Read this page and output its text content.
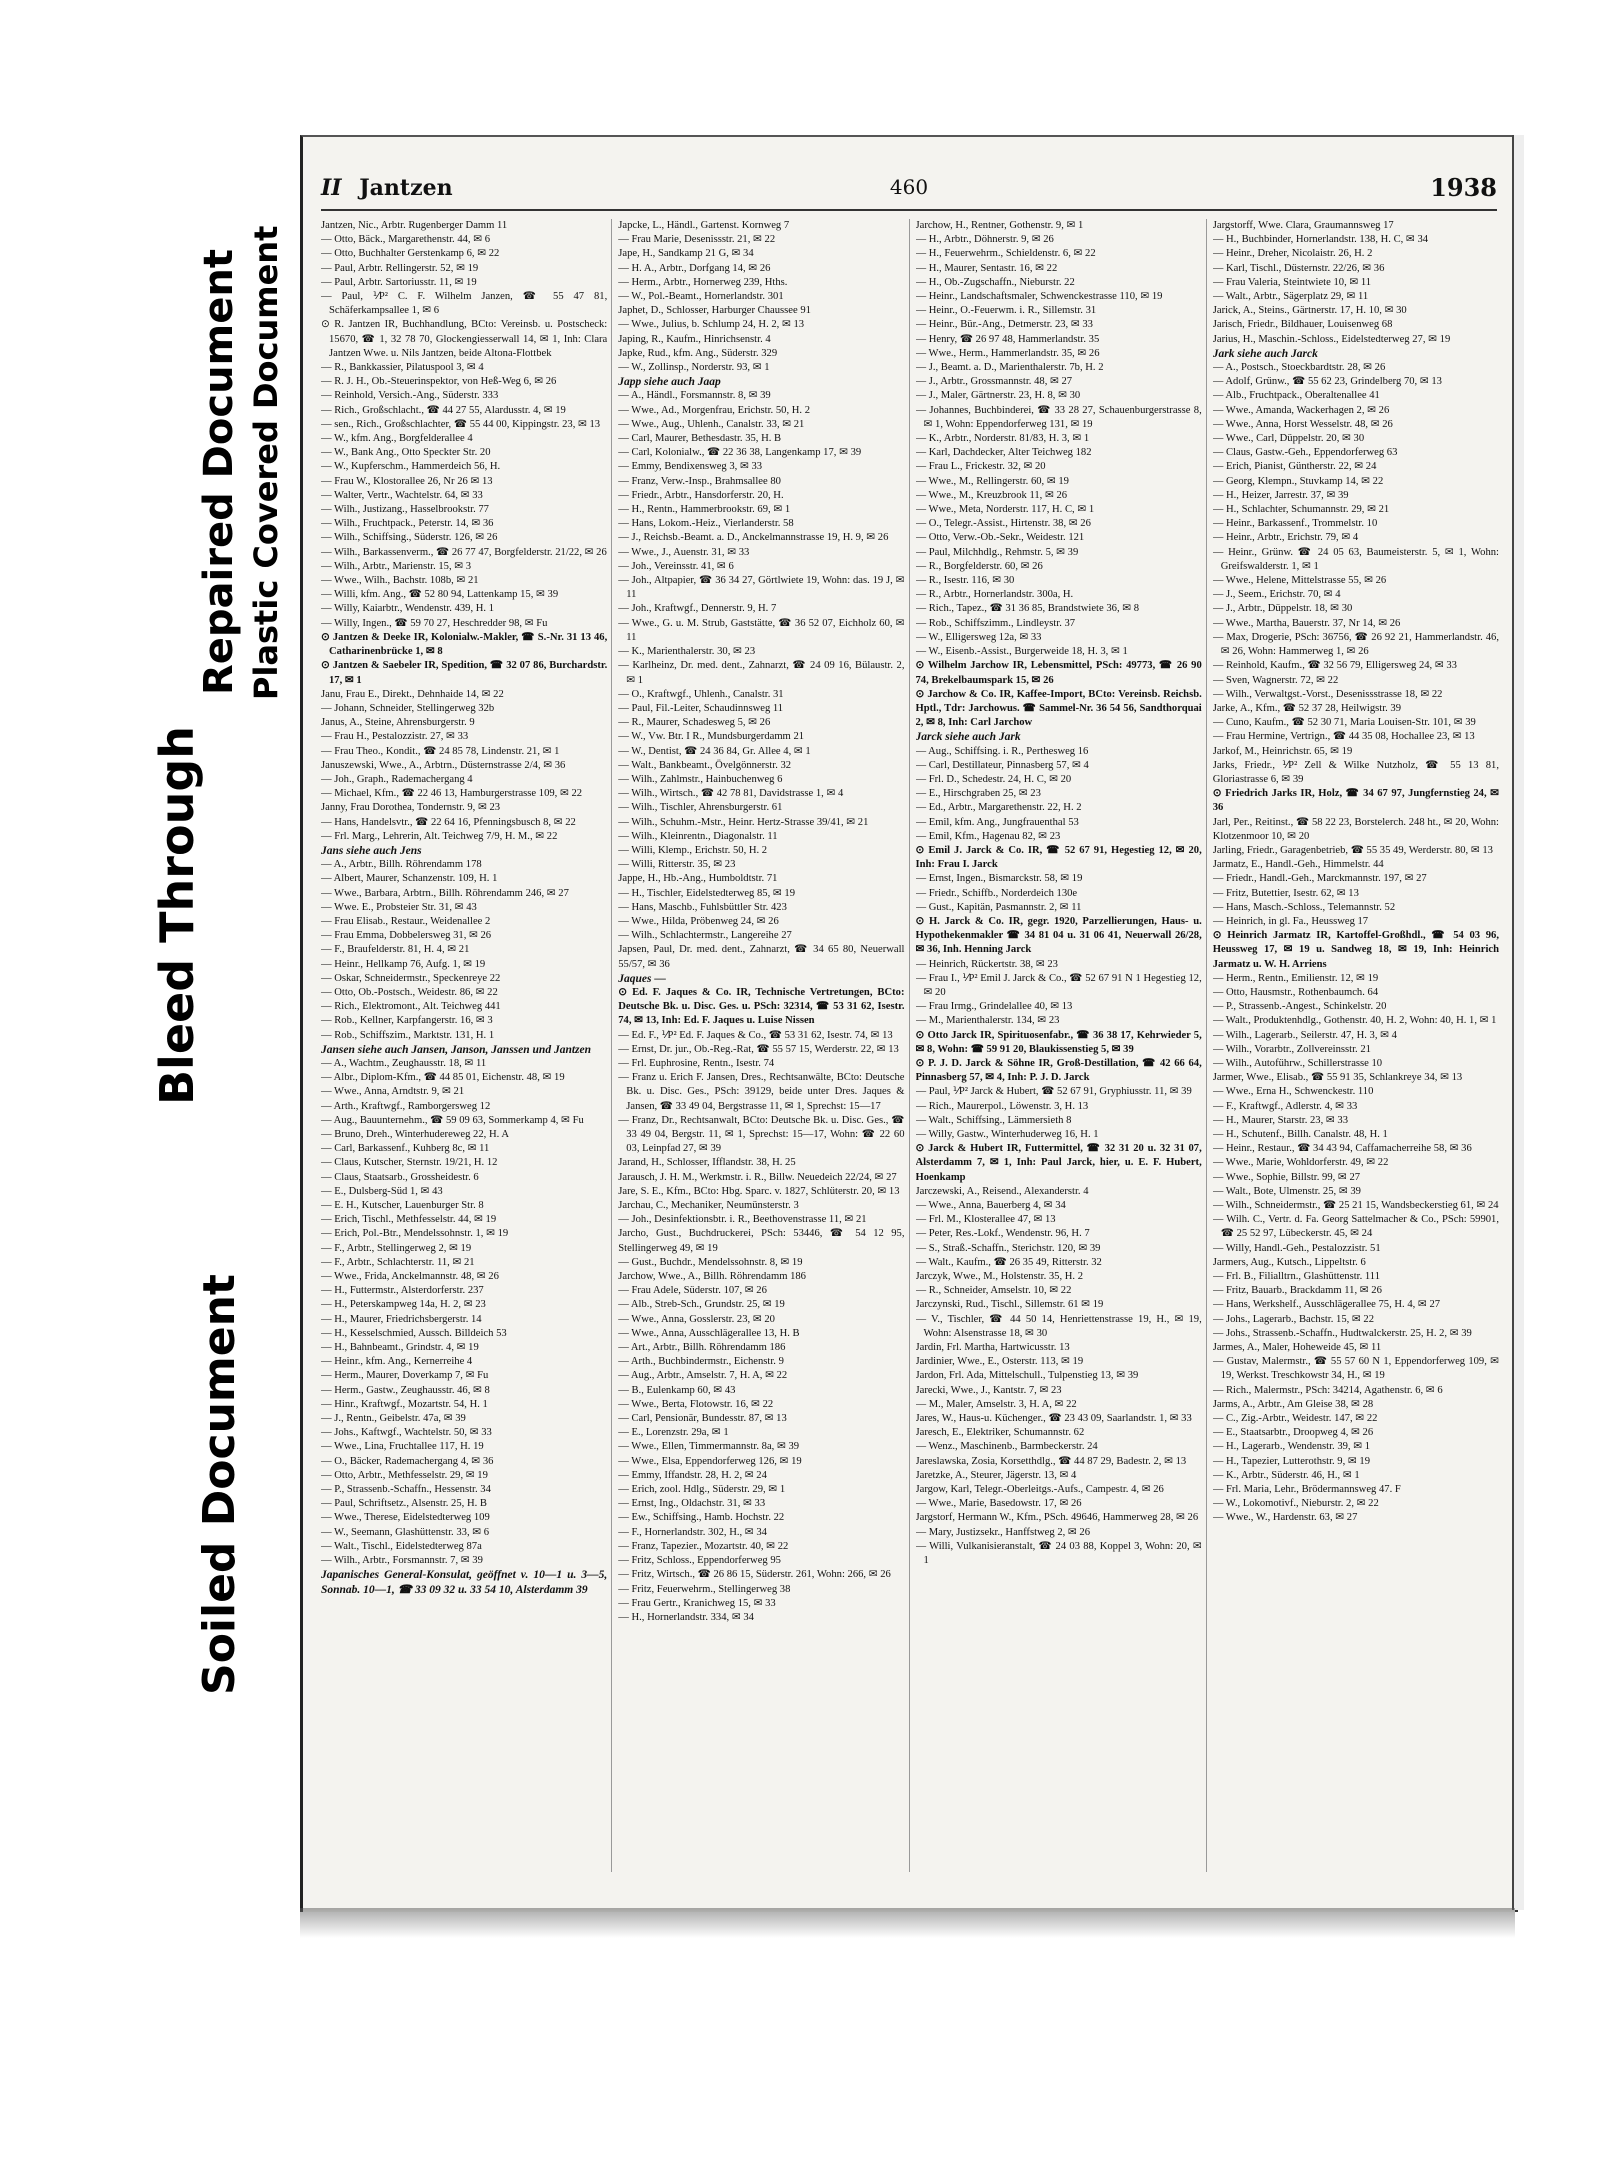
Bleed Through
Repaired Document Plastic Covered Document
Soiled Document
II Jantzen	460	1938

Jantzen, Nic., Arbtr. Rugenberger Damm 11

— Otto, Bäck., Margarethenstr. 44, ✉ 6

— Otto, Buchhalter Gerstenkamp 6, ✉ 22

— Paul, Arbtr. Rellingerstr. 52, ✉ 19

— Paul, Arbtr. Sartoriusstr. 11, ✉ 19

— Paul, ⅟P² C. F. Wilhelm Janzen, ☎ 55 47 81, Schäferkampsallee 1, ✉ 6

⊙ R. Jantzen IR, Buchhandlung, BCto: Vereinsb. u. Postscheck: 15670, ☎ 1, 32 78 70, Glockengiesserwall 14, ✉ 1, Inh: Clara Jantzen Wwe. u. Nils Jantzen, beide Altona-Flottbek

— R., Bankkassier, Pilatuspool 3, ✉ 4

— R. J. H., Ob.-Steuerinspektor, von Heß-Weg 6, ✉ 26

— Reinhold, Versich.-Ang., Süderstr. 333

— Rich., Großschlacht., ☎ 44 27 55, Alardusstr. 4, ✉ 19

— sen., Rich., Großschlachter, ☎ 55 44 00, Kippingstr. 23, ✉ 13

— W., kfm. Ang., Borgfelderallee 4

— W., Bank Ang., Otto Speckter Str. 20

— W., Kupferschm., Hammerdeich 56, H.

— Frau W., Klostorallee 26, Nr 26 ✉ 13

— Walter, Vertr., Wachtelstr. 64, ✉ 33

— Wilh., Justizang., Hasselbrookstr. 77

— Wilh., Fruchtpack., Peterstr. 14, ✉ 36

— Wilh., Schiffsing., Süderstr. 126, ✉ 26

— Wilh., Barkassenverm., ☎ 26 77 47, Borgfelderstr. 21/22, ✉ 26

— Wilh., Arbtr., Marienstr. 15, ✉ 3

— Wwe., Wilh., Bachstr. 108b, ✉ 21

— Willi, kfm. Ang., ☎ 52 80 94, Lattenkamp 15, ✉ 39

— Willy, Kaiarbtr., Wendenstr. 439, H. 1

— Willy, Ingen., ☎ 59 70 27, Heschredder 98, ✉ Fu

⊙ Jantzen & Deeke IR, Kolonialw.-Makler, ☎ S.-Nr. 31 13 46, Catharinenbrücke 1, ✉ 8

⊙ Jantzen & Saebeler IR, Spedition, ☎ 32 07 86, Burchardstr. 17, ✉ 1

Janu, Frau E., Direkt., Dehnhaide 14, ✉ 22

— Johann, Schneider, Stellingerweg 32b

Janus, A., Steine, Ahrensburgerstr. 9

— Frau H., Pestalozzistr. 27, ✉ 33

— Frau Theo., Kondit., ☎ 24 85 78, Lindenstr. 21, ✉ 1

Januszewski, Wwe., A., Arbtrn., Düsternstrasse 2/4, ✉ 36

— Joh., Graph., Rademachergang 4

— Michael, Kfm., ☎ 22 46 13, Hamburgerstrasse 109, ✉ 22

Janny, Frau Dorothea, Tondernstr. 9, ✉ 23

— Hans, Handelsvtr., ☎ 22 64 16, Pfenningsbusch 8, ✉ 22

— Frl. Marg., Lehrerin, Alt. Teichweg 7/9, H. M., ✉ 22

Jans siehe auch Jens

— A., Arbtr., Billh. Röhrendamm 178

— Albert, Maurer, Schanzenstr. 109, H. 1

— Wwe., Barbara, Arbtrn., Billh. Röhrendamm 246, ✉ 27

— Wwe. E., Probsteier Str. 31, ✉ 43

— Frau Elisab., Restaur., Weidenallee 2

— Frau Emma, Dobbelersweg 31, ✉ 26

— F., Braufelderstr. 81, H. 4, ✉ 21

— Heinr., Hellkamp 76, Aufg. 1, ✉ 19

— Oskar, Schneidermstr., Speckenreye 22

— Otto, Ob.-Postsch., Weidestr. 86, ✉ 22

— Rich., Elektromont., Alt. Teichweg 441

— Rob., Kellner, Karpfangerstr. 16, ✉ 3

— Rob., Schiffszim., Marktstr. 131, H. 1

Jansen siehe auch Jansen, Janson, Janssen und Jantzen

— A., Wachtm., Zeughausstr. 18, ✉ 11

— Albr., Diplom-Kfm., ☎ 44 85 01, Eichenstr. 48, ✉ 19

— Wwe., Anna, Arndtstr. 9, ✉ 21

— Arth., Kraftwgf., Ramborgersweg 12

— Aug., Bauunternehm., ☎ 59 09 63, Sommerkamp 4, ✉ Fu

— Bruno, Dreh., Winterhudereweg 22, H. A

— Carl, Barkassenf., Kuhberg 8c, ✉ 11

— Claus, Kutscher, Sternstr. 19/21, H. 12

— Claus, Staatsarb., Grossheidestr. 6

— E., Dulsberg-Süd 1, ✉ 43

— E. H., Kutscher, Lauenburger Str. 8

— Erich, Tischl., Methfesselstr. 44, ✉ 19

— Erich, Pol.-Btr., Mendelssohnstr. 1, ✉ 19

— F., Arbtr., Stellingerweg 2, ✉ 19

— F., Arbtr., Schlachterstr. 11, ✉ 21

— Wwe., Frida, Anckelmannstr. 48, ✉ 26

— H., Futtermstr., Alsterdorferstr. 237

— H., Peterskampweg 14a, H. 2, ✉ 23

— H., Maurer, Friedrichsbergerstr. 14

— H., Kesselschmied, Aussch. Billdeich 53

— H., Bahnbeamt., Grindstr. 4, ✉ 19

— Heinr., kfm. Ang., Kernerreihe 4

— Herm., Maurer, Doverkamp 7, ✉ Fu

— Herm., Gastw., Zeughausstr. 46, ✉ 8

— Hinr., Kraftwgf., Mozartstr. 54, H. 1

— J., Rentn., Geibelstr. 47a, ✉ 39

— Johs., Kaftwgf., Wachtelstr. 50, ✉ 33

— Wwe., Lina, Fruchtallee 117, H. 19

— O., Bäcker, Rademachergang 4, ✉ 36

— Otto, Arbtr., Methfesselstr. 29, ✉ 19

— P., Strassenb.-Schaffn., Hessenstr. 34

— Paul, Schriftsetz., Alsenstr. 25, H. B

— Wwe., Therese, Eidelstedterweg 109

— W., Seemann, Glashüttenstr. 33, ✉ 6

— Walt., Tischl., Eidelstedterweg 87a

— Wilh., Arbtr., Forsmannstr. 7, ✉ 39

Japanisches General-Konsulat, geöffnet v. 10—1 u. 3—5, Sonnab. 10—1, ☎ 33 09 32 u. 33 54 10, Alsterdamm 39

Japcke, L., Händl., Gartenst. Kornweg 7

— Frau Marie, Desenissstr. 21, ✉ 22

Jape, H., Sandkamp 21 G, ✉ 34

— H. A., Arbtr., Dorfgang 14, ✉ 26

— Herm., Arbtr., Hornerweg 239, Hths.

— W., Pol.-Beamt., Hornerlandstr. 301

Japhet, D., Schlosser, Harburger Chaussee 91

— Wwe., Julius, b. Schlump 24, H. 2, ✉ 13

Japing, R., Kaufm., Hinrichsenstr. 4

Japke, Rud., kfm. Ang., Süderstr. 329

— W., Zollinsp., Norderstr. 93, ✉ 1

Japp siehe auch Jaap

— A., Händl., Forsmannstr. 8, ✉ 39

— Wwe., Ad., Morgenfrau, Erichstr. 50, H. 2

— Wwe., Aug., Uhlenh., Canalstr. 33, ✉ 21

— Carl, Maurer, Bethesdastr. 35, H. B

— Carl, Kolonialw., ☎ 22 36 38, Langenkamp 17, ✉ 39

— Emmy, Bendixensweg 3, ✉ 33

— Franz, Verw.-Insp., Brahmsallee 80

— Friedr., Arbtr., Hansdorferstr. 20, H.

— H., Rentn., Hammerbrookstr. 69, ✉ 1

— Hans, Lokom.-Heiz., Vierlanderstr. 58

— J., Reichsb.-Beamt. a. D., Anckelmannstrasse 19, H. 9, ✉ 26

— Wwe., J., Auenstr. 31, ✉ 33

— Joh., Vereinsstr. 41, ✉ 6

— Joh., Altpapier, ☎ 36 34 27, Görtlwiete 19, Wohn: das. 19 J, ✉ 11

— Joh., Kraftwgf., Dennerstr. 9, H. 7

— Wwe., G. u. M. Strub, Gaststätte, ☎ 36 52 07, Eichholz 60, ✉ 11

— K., Marienthalerstr. 30, ✉ 23

— Karlheinz, Dr. med. dent., Zahnarzt, ☎ 24 09 16, Bülaustr. 2, ✉ 1

— O., Kraftwgf., Uhlenh., Canalstr. 31

— Paul, Fil.-Leiter, Schaudinnsweg 11

— R., Maurer, Schadesweg 5, ✉ 26

— W., Vw. Btr. I R., Mundsburgerdamm 21

— W., Dentist, ☎ 24 36 84, Gr. Allee 4, ✉ 1

— Walt., Bankbeamt., Övelgönnerstr. 32

— Wilh., Zahlmstr., Hainbuchenweg 6

— Wilh., Wirtsch., ☎ 42 78 81, Davidstrasse 1, ✉ 4

— Wilh., Tischler, Ahrensburgerstr. 61

— Wilh., Schuhm.-Mstr., Heinr. Hertz-Strasse 39/41, ✉ 21

— Wilh., Kleinrentn., Diagonalstr. 11

— Willi, Klemp., Erichstr. 50, H. 2

— Willi, Ritterstr. 35, ✉ 23

Jappe, H., Hb.-Ang., Humboldtstr. 71

— H., Tischler, Eidelstedterweg 85, ✉ 19

— Hans, Maschb., Fuhlsbüttler Str. 423

— Wwe., Hilda, Pröbenweg 24, ✉ 26

— Wilh., Schlachtermstr., Langereihe 27

Japsen, Paul, Dr. med. dent., Zahnarzt, ☎ 34 65 80, Neuerwall 55/57, ✉ 36

Jaques —

⊙ Ed. F. Jaques & Co. IR, Technische Vertretungen, BCto: Deutsche Bk. u. Disc. Ges. u. PSch: 32314, ☎ 53 31 62, Isestr. 74, ✉ 13, Inh: Ed. F. Jaques u. Luise Nissen

— Ed. F., ⅟P² Ed. F. Jaques & Co., ☎ 53 31 62, Isestr. 74, ✉ 13

— Ernst, Dr. jur., Ob.-Reg.-Rat, ☎ 55 57 15, Werderstr. 22, ✉ 13

— Frl. Euphrosine, Rentn., Isestr. 74

— Franz u. Erich F. Jansen, Dres., Rechtsanwälte, BCto: Deutsche Bk. u. Disc. Ges., PSch: 39129, beide unter Dres. Jaques & Jansen, ☎ 33 49 04, Bergstrasse 11, ✉ 1, Sprechst: 15—17

— Franz, Dr., Rechtsanwalt, BCto: Deutsche Bk. u. Disc. Ges., ☎ 33 49 04, Bergstr. 11, ✉ 1, Sprechst: 15—17, Wohn: ☎ 22 60 03, Leinpfad 27, ✉ 39

Jarand, H., Schlosser, Ifflandstr. 38, H. 25

Jarausch, J. H. M., Werkmstr. i. R., Billw. Neuedeich 22/24, ✉ 27

Jare, S. E., Kfm., BCto: Hbg. Sparc. v. 1827, Schlüterstr. 20, ✉ 13

Jarchau, C., Mechaniker, Neumünsterstr. 3

— Joh., Desinfektionsbtr. i. R., Beethovenstrasse 11, ✉ 21

Jarcho, Gust., Buchdruckerei, PSch: 53446, ☎ 54 12 95, Stellingerweg 49, ✉ 19

— Gust., Buchdr., Mendelssohnstr. 8, ✉ 19

Jarchow, Wwe., A., Billh. Röhrendamm 186

— Frau Adele, Süderstr. 107, ✉ 26

— Alb., Streb-Sch., Grundstr. 25, ✉ 19

— Wwe., Anna, Gosslerstr. 23, ✉ 20

— Wwe., Anna, Ausschlägerallee 13, H. B

— Art., Arbtr., Billh. Röhrendamm 186

— Arth., Buchbindermstr., Eichenstr. 9

— Aug., Arbtr., Amselstr. 7, H. A, ✉ 22

— B., Eulenkamp 60, ✉ 43

— Wwe., Berta, Flotowstr. 16, ✉ 22

— Carl, Pensionär, Bundesstr. 87, ✉ 13

— E., Lorenzstr. 29a, ✉ 1

— Wwe., Ellen, Timmermannstr. 8a, ✉ 39

— Wwe., Elsa, Eppendorferweg 126, ✉ 19

— Emmy, Iffandstr. 28, H. 2, ✉ 24

— Erich, zool. Hdlg., Süderstr. 29, ✉ 1

— Ernst, Ing., Oldachstr. 31, ✉ 33

— Ew., Schiffsing., Hamb. Hochstr. 22

— F., Hornerlandstr. 302, H., ✉ 34

— Franz, Tapezier., Mozartstr. 40, ✉ 22

— Fritz, Schloss., Eppendorferweg 95

— Fritz, Wirtsch., ☎ 26 86 15, Süderstr. 261, Wohn: 266, ✉ 26

— Fritz, Feuerwehrm., Stellingerweg 38

— Frau Gertr., Kranichweg 15, ✉ 33

— H., Hornerlandstr. 334, ✉ 34

Jarchow, H., Rentner, Gothenstr. 9, ✉ 1

— H., Arbtr., Döhnerstr. 9, ✉ 26

— H., Feuerwehrm., Schieldenstr. 6, ✉ 22

— H., Maurer, Sentastr. 16, ✉ 22

— H., Ob.-Zugschaffn., Nieburstr. 22

— Heinr., Landschaftsmaler, Schwenckestrasse 110, ✉ 19

— Heinr., O.-Feuerwm. i. R., Sillemstr. 31

— Heinr., Bür.-Ang., Detmerstr. 23, ✉ 33

— Henry, ☎ 26 97 48, Hammerlandstr. 35

— Wwe., Herm., Hammerlandstr. 35, ✉ 26

— J., Beamt. a. D., Marienthalerstr. 7b, H. 2

— J., Arbtr., Grossmannstr. 48, ✉ 27

— J., Maler, Gärtnerstr. 23, H. 8, ✉ 30

— Johannes, Buchbinderei, ☎ 33 28 27, Schauenburgerstrasse 8, ✉ 1, Wohn: Eppendorferweg 131, ✉ 19

— K., Arbtr., Norderstr. 81/83, H. 3, ✉ 1

— Karl, Dachdecker, Alter Teichweg 182

— Frau L., Frickestr. 32, ✉ 20

— Wwe., M., Rellingerstr. 60, ✉ 19

— Wwe., M., Kreuzbrook 11, ✉ 26

— Wwe., Meta, Norderstr. 117, H. C, ✉ 1

— O., Telegr.-Assist., Hirtenstr. 38, ✉ 26

— Otto, Verw.-Ob.-Sekr., Weidestr. 121

— Paul, Milchhdlg., Rehmstr. 5, ✉ 39

— R., Borgfelderstr. 60, ✉ 26

— R., Isestr. 116, ✉ 30

— R., Arbtr., Hornerlandstr. 300a, H.

— Rich., Tapez., ☎ 31 36 85, Brandstwiete 36, ✉ 8

— Rob., Schiffszimm., Lindleystr. 37

— W., Elligersweg 12a, ✉ 33

— W., Eisenb.-Assist., Burgerweide 18, H. 3, ✉ 1

⊙ Wilhelm Jarchow IR, Lebensmittel, PSch: 49773, ☎ 26 90 74, Brekelbaumspark 15, ✉ 26

⊙ Jarchow & Co. IR, Kaffee-Import, BCto: Vereinsb. Reichsb. Hptl., Tdr: Jarchowus. ☎ Sammel-Nr. 36 54 56, Sandthorquai 2, ✉ 8, Inh: Carl Jarchow

Jarck siehe auch Jark

— Aug., Schiffsing. i. R., Perthesweg 16

— Carl, Destillateur, Pinnasberg 57, ✉ 4

— Frl. D., Schedestr. 24, H. C, ✉ 20

— E., Hirschgraben 25, ✉ 23

— Ed., Arbtr., Margarethenstr. 22, H. 2

— Emil, kfm. Ang., Jungfrauenthal 53

— Emil, Kfm., Hagenau 82, ✉ 23

⊙ Emil J. Jarck & Co. IR, ☎ 52 67 91, Hegestieg 12, ✉ 20, Inh: Frau I. Jarck

— Ernst, Ingen., Bismarckstr. 58, ✉ 19

— Friedr., Schiffb., Norderdeich 130e

— Gust., Kapitän, Pasmannstr. 2, ✉ 11

⊙ H. Jarck & Co. IR, gegr. 1920, Parzellierungen, Haus- u. Hypothekenmakler ☎ 34 81 04 u. 31 06 41, Neuerwall 26/28, ✉ 36, Inh. Henning Jarck

— Heinrich, Rückertstr. 38, ✉ 23

— Frau I., ⅟P² Emil J. Jarck & Co., ☎ 52 67 91 N 1 Hegestieg 12, ✉ 20

— Frau Irmg., Grindelallee 40, ✉ 13

— M., Marienthalerstr. 134, ✉ 23

⊙ Otto Jarck IR, Spirituosenfabr., ☎ 36 38 17, Kehrwieder 5, ✉ 8, Wohn: ☎ 59 91 20, Blaukissenstieg 5, ✉ 39

⊙ P. J. D. Jarck & Söhne IR, Groß-Destillation, ☎ 42 66 64, Pinnasberg 57, ✉ 4, Inh: P. J. D. Jarck

— Paul, ⅟P² Jarck & Hubert, ☎ 52 67 91, Gryphiusstr. 11, ✉ 39

— Rich., Maurerpol., Löwenstr. 3, H. 13

— Walt., Schiffsing., Lämmersieth 8

— Willy, Gastw., Winterhuderweg 16, H. 1

⊙ Jarck & Hubert IR, Futtermittel, ☎ 32 31 20 u. 32 31 07, Alsterdamm 7, ✉ 1, Inh: Paul Jarck, hier, u. E. F. Hubert, Hoenkamp

Jarczewski, A., Reisend., Alexanderstr. 4

— Wwe., Anna, Bauerberg 4, ✉ 34

— Frl. M., Klosterallee 47, ✉ 13

— Peter, Res.-Lokf., Wendenstr. 96, H. 7

— S., Straß.-Schaffn., Sterichstr. 120, ✉ 39

— Walt., Kaufm., ☎ 26 35 49, Ritterstr. 32

Jarczyk, Wwe., M., Holstenstr. 35, H. 2

— R., Schneider, Amselstr. 10, ✉ 22

Jarczynski, Rud., Tischl., Sillemstr. 61 ✉ 19

— V., Tischler, ☎ 44 50 14, Henriettenstrasse 19, H., ✉ 19, Wohn: Alsenstrasse 18, ✉ 30

Jardin, Frl. Martha, Hartwicusstr. 13

Jardinier, Wwe., E., Osterstr. 113, ✉ 19

Jardon, Frl. Ada, Mittelschull., Tulpenstieg 13, ✉ 39

Jarecki, Wwe., J., Kantstr. 7, ✉ 23

— M., Maler, Amselstr. 3, H. A, ✉ 22

Jares, W., Haus-u. Küchenger., ☎ 23 43 09, Saarlandstr. 1, ✉ 33

Jaresch, E., Elektriker, Schumannstr. 62

— Wenz., Maschinenb., Barmbeckerstr. 24

Jareslawska, Zosia, Korsetthdlg., ☎ 44 87 29, Badestr. 2, ✉ 13

Jaretzke, A., Steurer, Jägerstr. 13, ✉ 4

Jargow, Karl, Telegr.-Oberleitgs.-Aufs., Campestr. 4, ✉ 26

— Wwe., Marie, Basedowstr. 17, ✉ 26

Jargstorf, Hermann W., Kfm., PSch. 49646, Hammerweg 28, ✉ 26

— Mary, Justizsekr., Hanffstweg 2, ✉ 26

— Willi, Vulkanisieranstalt, ☎ 24 03 88, Koppel 3, Wohn: 20, ✉ 1

Jargstorff, Wwe. Clara, Graumannsweg 17

— H., Buchbinder, Hornerlandstr. 138, H. C, ✉ 34

— Heinr., Dreher, Nicolaistr. 26, H. 2

— Karl, Tischl., Düsternstr. 22/26, ✉ 36

— Frau Valeria, Steintwiete 10, ✉ 11

— Walt., Arbtr., Sägerplatz 29, ✉ 11

Jarick, A., Steins., Gärtnerstr. 17, H. 10, ✉ 30

Jarisch, Friedr., Bildhauer, Louisenweg 68

Jarius, H., Maschin.-Schloss., Eidelstedterweg 27, ✉ 19

Jark siehe auch Jarck

— A., Postsch., Stoeckbardtstr. 28, ✉ 26

— Adolf, Grünw., ☎ 55 62 23, Grindelberg 70, ✉ 13

— Alb., Fruchtpack., Oberaltenallee 41

— Wwe., Amanda, Wackerhagen 2, ✉ 26

— Wwe., Anna, Horst Wesselstr. 48, ✉ 26

— Wwe., Carl, Düppelstr. 20, ✉ 30

— Claus, Gastw.-Geh., Eppendorferweg 63

— Erich, Pianist, Güntherstr. 22, ✉ 24

— Georg, Klempn., Stuvkamp 14, ✉ 22

— H., Heizer, Jarrestr. 37, ✉ 39

— H., Schlachter, Schumannstr. 29, ✉ 21

— Heinr., Barkassenf., Trommelstr. 10

— Heinr., Arbtr., Erichstr. 79, ✉ 4

— Heinr., Grünw. ☎ 24 05 63, Baumeisterstr. 5, ✉ 1, Wohn: Greifswalderstr. 1, ✉ 1

— Wwe., Helene, Mittelstrasse 55, ✉ 26

— J., Seem., Erichstr. 70, ✉ 4

— J., Arbtr., Düppelstr. 18, ✉ 30

— Wwe., Martha, Bauerstr. 37, Nr 14, ✉ 26

— Max, Drogerie, PSch: 36756, ☎ 26 92 21, Hammerlandstr. 46, ✉ 26, Wohn: Hammerweg 1, ✉ 26

— Reinhold, Kaufm., ☎ 32 56 79, Elligersweg 24, ✉ 33

— Sven, Wagnerstr. 72, ✉ 22

— Wilh., Verwaltgst.-Vorst., Desenissstrasse 18, ✉ 22

Jarke, A., Kfm., ☎ 52 37 28, Heilwigstr. 39

— Cuno, Kaufm., ☎ 52 30 71, Maria Louisen-Str. 101, ✉ 39

— Frau Hermine, Vertrign., ☎ 44 35 08, Hochallee 23, ✉ 13

Jarkof, M., Heinrichstr. 65, ✉ 19

Jarks, Friedr., ⅟P² Zell & Wilke Nutzholz, ☎ 55 13 81, Gloriastrasse 6, ✉ 39

⊙ Friedrich Jarks IR, Holz, ☎ 34 67 97, Jungfernstieg 24, ✉ 36

Jarl, Per., Reitinst., ☎ 58 22 23, Borstelerch. 248 ht., ✉ 20, Wohn: Klotzenmoor 10, ✉ 20

Jarling, Friedr., Garagenbetrieb, ☎ 55 35 49, Werderstr. 80, ✉ 13

Jarmatz, E., Handl.-Geh., Himmelstr. 44

— Friedr., Handl.-Geh., Marckmannstr. 197, ✉ 27

— Fritz, Butettier, Isestr. 62, ✉ 13

— Hans, Masch.-Schloss., Telemannstr. 52

— Heinrich, in gl. Fa., Heussweg 17

⊙ Heinrich Jarmatz IR, Kartoffel-Großhdl., ☎ 54 03 96, Heussweg 17, ✉ 19 u. Sandweg 18, ✉ 19, Inh: Heinrich Jarmatz u. W. H. Arriens

— Herm., Rentn., Emilienstr. 12, ✉ 19

— Otto, Hausmstr., Rothenbaumch. 64

— P., Strassenb.-Angest., Schinkelstr. 20

— Walt., Produktenhdlg., Gothenstr. 40, H. 2, Wohn: 40, H. 1, ✉ 1

— Wilh., Lagerarb., Seilerstr. 47, H. 3, ✉ 4

— Wilh., Vorarbtr., Zollvereinsstr. 21

— Wilh., Autoführw., Schillerstrasse 10

Jarmer, Wwe., Elisab., ☎ 55 91 35, Schlankreye 34, ✉ 13

— Wwe., Erna H., Schwenckestr. 110

— F., Kraftwgf., Adlerstr. 4, ✉ 33

— H., Maurer, Starstr. 23, ✉ 33

— H., Schutenf., Billh. Canalstr. 48, H. 1

— Heinr., Restaur., ☎ 34 43 94, Caffamacherreihe 58, ✉ 36

— Wwe., Marie, Wohldorferstr. 49, ✉ 22

— Wwe., Sophie, Billstr. 99, ✉ 27

— Walt., Bote, Ulmenstr. 25, ✉ 39

— Wilh., Schneidermstr., ☎ 25 21 15, Wandsbeckerstieg 61, ✉ 24

— Wilh. C., Vertr. d. Fa. Georg Sattelmacher & Co., PSch: 59901, ☎ 25 52 97, Lübeckerstr. 45, ✉ 24

— Willy, Handl.-Geh., Pestalozzistr. 51

Jarmers, Aug., Kutsch., Lippeltstr. 6

— Frl. B., Filialltrn., Glashüttenstr. 111

— Fritz, Bauarb., Brackdamm 11, ✉ 26

— Hans, Werkshelf., Ausschlägerallee 75, H. 4, ✉ 27

— Johs., Lagerarb., Bachstr. 15, ✉ 22

— Johs., Strassenb.-Schaffn., Hudtwalckerstr. 25, H. 2, ✉ 39

Jarmes, A., Maler, Hoheweide 45, ✉ 11

— Gustav, Malermstr., ☎ 55 57 60 N 1, Eppendorferweg 109, ✉ 19, Werkst. Treschkowstr 34, H., ✉ 19

— Rich., Malermstr., PSch: 34214, Agathenstr. 6, ✉ 6

Jarms, A., Arbtr., Am Gleise 38, ✉ 28

— C., Zig.-Arbtr., Weidestr. 147, ✉ 22

— E., Staatsarbtr., Droopweg 4, ✉ 26

— H., Lagerarb., Wendenstr. 39, ✉ 1

— H., Tapezier, Lutterothstr. 9, ✉ 19

— K., Arbtr., Süderstr. 46, H., ✉ 1

— Frl. Maria, Lehr., Brödermannsweg 47. F

— W., Lokomotivf., Nieburstr. 2, ✉ 22

— Wwe., W., Hardenstr. 63, ✉ 27
